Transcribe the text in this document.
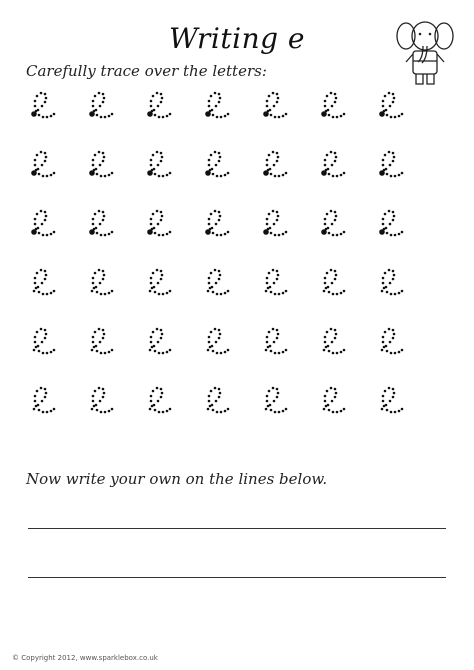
Writing e
Carefully trace over the letters:
Now write your own on the lines below.
© Copyright 2012, www.sparklebox.co.uk
